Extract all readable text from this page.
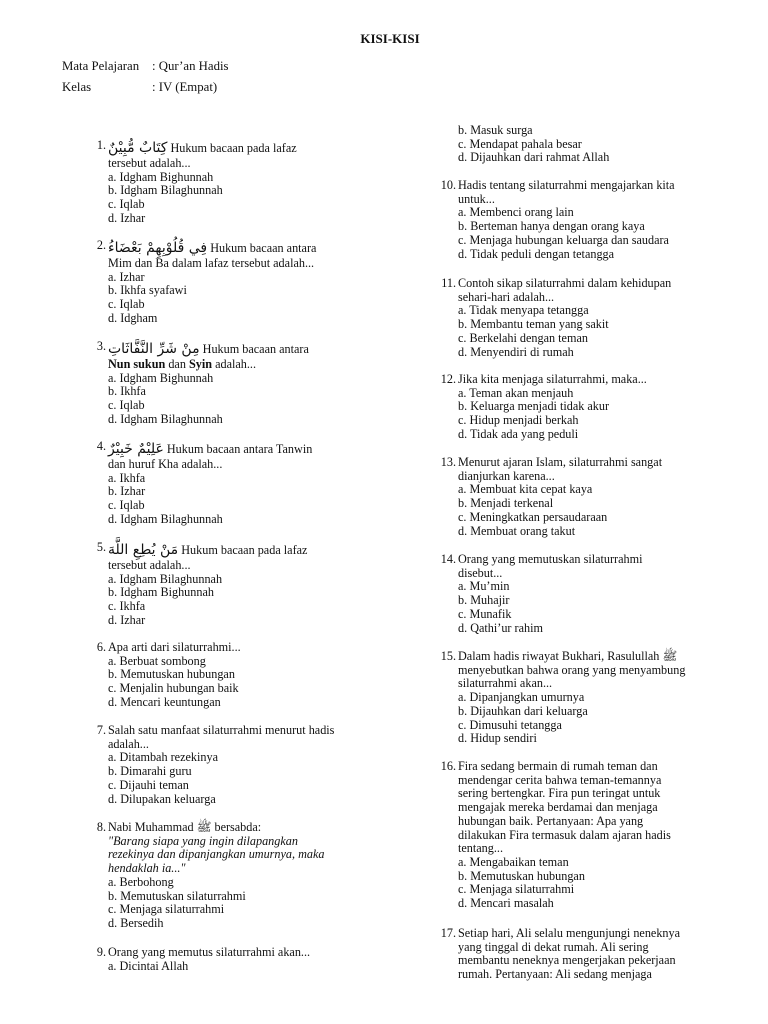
KISI-KISI
Mata Pelajaran : Qur’an Hadis
Kelas	: IV (Empat)
1. كِتَابٌ مُّبِيْنٌ Hukum bacaan pada lafaz
tersebut adalah...
a. Idgham Bighunnah
b. Idgham Bilaghunnah
c. Iqlab
d. Izhar
2. فِي قُلُوْبِهِمْ بَعْضَاءُ Hukum bacaan antara
Mim dan Ba dalam lafaz tersebut adalah...
a. Izhar
b. Ikhfa syafawi
c. Iqlab
d. Idgham
3. مِنْ شَرِّ النَّفَّاثَاتِ Hukum bacaan antara
Nun sukun dan Syin adalah...
a. Idgham Bighunnah
b. Ikhfa
c. Iqlab
d. Idgham Bilaghunnah
4. عَلِيْمٌ خَبِيْرٌ Hukum bacaan antara Tanwin
dan huruf Kha adalah...
a. Ikhfa
b. Izhar
c. Iqlab
d. Idgham Bilaghunnah
5. مَنْ يُطِعِ اللَّهَ Hukum bacaan pada lafaz
tersebut adalah...
a. Idgham Bilaghunnah
b. Idgham Bighunnah
c. Ikhfa
d. Izhar
6. Apa arti dari silaturrahmi...
a. Berbuat sombong
b. Memutuskan hubungan
c. Menjalin hubungan baik
d. Mencari keuntungan
7. Salah satu manfaat silaturrahmi menurut hadis
adalah...
a. Ditambah rezekinya
b. Dimarahi guru
c. Dijauhi teman
d. Dilupakan keluarga
8. Nabi Muhammad ﷺ bersabda:
"Barang siapa yang ingin dilapangkan
rezekinya dan dipanjangkan umurnya, maka
hendaklah ia..."
a. Berbohong
b. Memutuskan silaturrahmi
c. Menjaga silaturrahmi
d. Bersedih
9. Orang yang memutus silaturrahmi akan...
a. Dicintai Allah
b. Masuk surga
c. Mendapat pahala besar
d. Dijauhkan dari rahmat Allah
10. Hadis tentang silaturrahmi mengajarkan kita
untuk...
a. Membenci orang lain
b. Berteman hanya dengan orang kaya
c. Menjaga hubungan keluarga dan saudara
d. Tidak peduli dengan tetangga
11. Contoh sikap silaturrahmi dalam kehidupan
sehari-hari adalah...
a. Tidak menyapa tetangga
b. Membantu teman yang sakit
c. Berkelahi dengan teman
d. Menyendiri di rumah
12. Jika kita menjaga silaturrahmi, maka...
a. Teman akan menjauh
b. Keluarga menjadi tidak akur
c. Hidup menjadi berkah
d. Tidak ada yang peduli
13. Menurut ajaran Islam, silaturrahmi sangat
dianjurkan karena...
a. Membuat kita cepat kaya
b. Menjadi terkenal
c. Meningkatkan persaudaraan
d. Membuat orang takut
14. Orang yang memutuskan silaturrahmi
disebut...
a. Mu’min
b. Muhajir
c. Munafik
d. Qathi’ur rahim
15. Dalam hadis riwayat Bukhari, Rasulullah ﷺ
menyebutkan bahwa orang yang menyambung
silaturrahmi akan...
a. Dipanjangkan umurnya
b. Dijauhkan dari keluarga
c. Dimusuhi tetangga
d. Hidup sendiri
16. Fira sedang bermain di rumah teman dan
mendengar cerita bahwa teman-temannya
sering bertengkar. Fira pun teringat untuk
mengajak mereka berdamai dan menjaga
hubungan baik. Pertanyaan: Apa yang
dilakukan Fira termasuk dalam ajaran hadis
tentang...
a. Mengabaikan teman
b. Memutuskan hubungan
c. Menjaga silaturrahmi
d. Mencari masalah
17. Setiap hari, Ali selalu mengunjungi neneknya
yang tinggal di dekat rumah. Ali sering
membantu neneknya mengerjakan pekerjaan
rumah. Pertanyaan: Ali sedang menjaga
